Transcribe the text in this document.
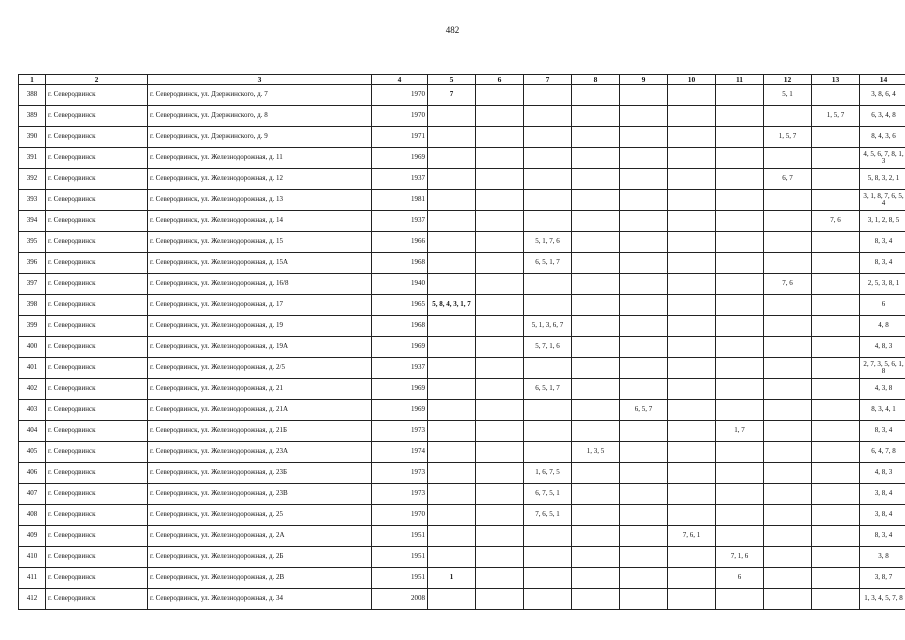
482
1	2	3	4	5	6	7	8	9	10	11	12	13	14
388	г. Северодвинск	г. Северодвинск, ул. Дзержинского, д. 7	1970	7							5, 1		3, 8, 6, 4
389	г. Северодвинск	г. Северодвинск, ул. Дзержинского, д. 8	1970									1, 5, 7	6, 3, 4, 8
390	г. Северодвинск	г. Северодвинск, ул. Дзержинского, д. 9	1971								1, 5, 7		8, 4, 3, 6
391	г. Северодвинск	г. Северодвинск, ул. Железнодорожная, д. 11	1969										4, 5, 6, 7, 8, 1, 3
392	г. Северодвинск	г. Северодвинск, ул. Железнодорожная, д. 12	1937								6, 7		5, 8, 3, 2, 1
393	г. Северодвинск	г. Северодвинск, ул. Железнодорожная, д. 13	1981										3, 1, 8, 7, 6, 5, 4
394	г. Северодвинск	г. Северодвинск, ул. Железнодорожная, д. 14	1937									7, 6	3, 1, 2, 8, 5
395	г. Северодвинск	г. Северодвинск, ул. Железнодорожная, д. 15	1966			5, 1, 7, 6							8, 3, 4
396	г. Северодвинск	г. Северодвинск, ул. Железнодорожная, д. 15А	1968			6, 5, 1, 7							8, 3, 4
397	г. Северодвинск	г. Северодвинск, ул. Железнодорожная, д. 16/8	1940								7, 6		2, 5, 3, 8, 1
398	г. Северодвинск	г. Северодвинск, ул. Железнодорожная, д. 17	1965	5, 8, 4, 3, 1, 7									6
399	г. Северодвинск	г. Северодвинск, ул. Железнодорожная, д. 19	1968			5, 1, 3, 6, 7							4, 8
400	г. Северодвинск	г. Северодвинск, ул. Железнодорожная, д. 19А	1969			5, 7, 1, 6							4, 8, 3
401	г. Северодвинск	г. Северодвинск, ул. Железнодорожная, д. 2/5	1937										2, 7, 3, 5, 6, 1, 8
402	г. Северодвинск	г. Северодвинск, ул. Железнодорожная, д. 21	1969			6, 5, 1, 7							4, 3, 8
403	г. Северодвинск	г. Северодвинск, ул. Железнодорожная, д. 21А	1969					6, 5, 7					8, 3, 4, 1
404	г. Северодвинск	г. Северодвинск, ул. Железнодорожная, д. 21Б	1973							1, 7			8, 3, 4
405	г. Северодвинск	г. Северодвинск, ул. Железнодорожная, д. 23А	1974				1, 3, 5						6, 4, 7, 8
406	г. Северодвинск	г. Северодвинск, ул. Железнодорожная, д. 23Б	1973			1, 6, 7, 5							4, 8, 3
407	г. Северодвинск	г. Северодвинск, ул. Железнодорожная, д. 23В	1973			6, 7, 5, 1							3, 8, 4
408	г. Северодвинск	г. Северодвинск, ул. Железнодорожная, д. 25	1970			7, 6, 5, 1							3, 8, 4
409	г. Северодвинск	г. Северодвинск, ул. Железнодорожная, д. 2А	1951						7, 6, 1				8, 3, 4
410	г. Северодвинск	г. Северодвинск, ул. Железнодорожная, д. 2Б	1951							7, 1, 6			3, 8
411	г. Северодвинск	г. Северодвинск, ул. Железнодорожная, д. 2В	1951	1						6			3, 8, 7
412	г. Северодвинск	г. Северодвинск, ул. Железнодорожная, д. 34	2008										1, 3, 4, 5, 7, 8
